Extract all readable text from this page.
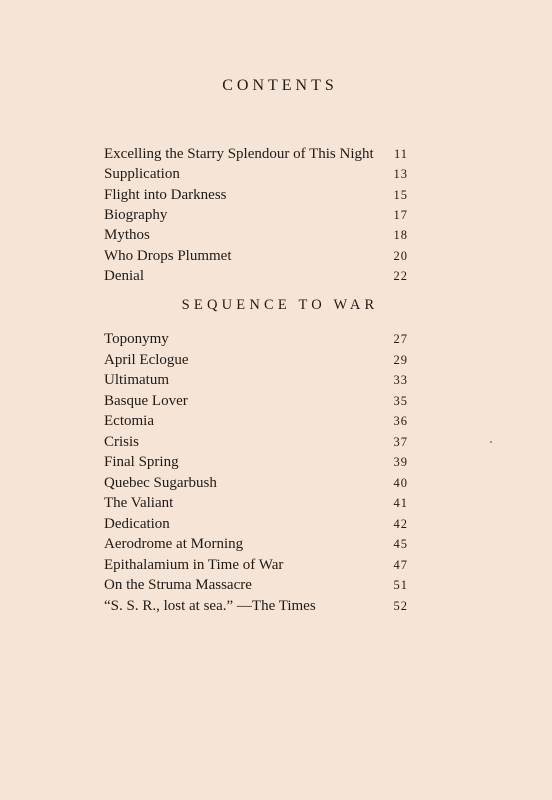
CONTENTS
Excelling the Starry Splendour of This Night 11
Supplication	13
Flight into Darkness	15
Biography	17
Mythos	18
Who Drops Plummet	20
Denial	22
SEQUENCE TO WAR
Toponymy	27
April Eclogue	29
Ultimatum	33
Basque Lover	35
Ectomia	36
Crisis	37
Final Spring	39
Quebec Sugarbush	40
The Valiant	41
Dedication	42
Aerodrome at Morning	45
Epithalamium in Time of War	47
On the Struma Massacre	51
“S. S. R., lost at sea.” —The Times	52
